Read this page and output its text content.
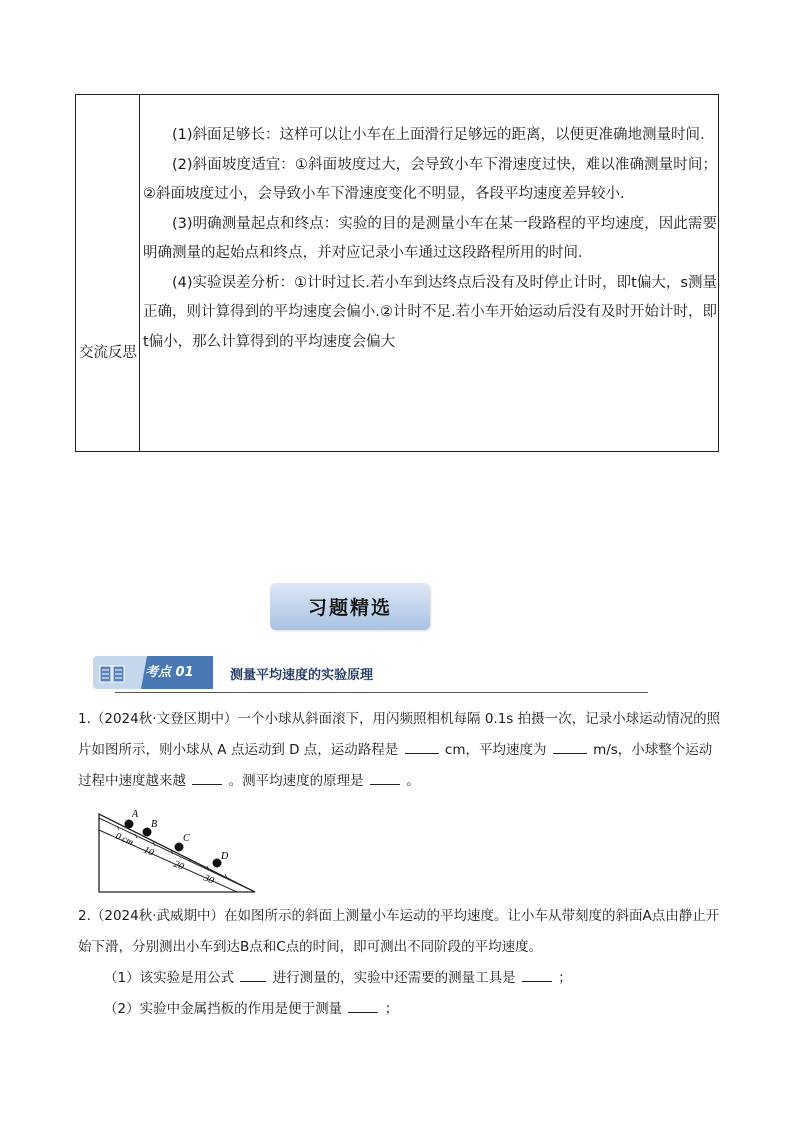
交流反思

(1)斜面足够长：这样可以让小车在上面滑行足够远的距离，以便更准确地测量时间.

(2)斜面坡度适宜：①斜面坡度过大，会导致小车下滑速度过快，难以准确测量时间；②斜面坡度过小，会导致小车下滑速度变化不明显，各段平均速度差异较小.

(3)明确测量起点和终点：实验的目的是测量小车在某一段路程的平均速度，因此需要明确测量的起始点和终点，并对应记录小车通过这段路程所用的时间.

(4)实验误差分析：①计时过长.若小车到达终点后没有及时停止计时，即t偏大，s测量正确，则计算得到的平均速度会偏小.②计时不足.若小车开始运动后没有及时开始计时，即t偏小，那么计算得到的平均速度会偏大

习题精选
考点 01	测量平均速度的实验原理

1.（2024秋·文登区期中）一个小球从斜面滚下，用闪频照相机每隔 0.1s 拍摄一次，记录小球运动情况的照片如图所示，则小球从 A 点运动到 D 点，运动路程是	cm，平均速度为	m/s，小球整个运动过程中速度越来越	。测平均速度的原理是	。

0 cm
10
20
30
A
B
C
D

2.（2024秋·武威期中）在如图所示的斜面上测量小车运动的平均速度。让小车从带刻度的斜面A点由静止开始下滑，分别测出小车到达B点和C点的时间，即可测出不同阶段的平均速度。

（1）该实验是用公式	进行测量的，实验中还需要的测量工具是	；

（2）实验中金属挡板的作用是便于测量	；
